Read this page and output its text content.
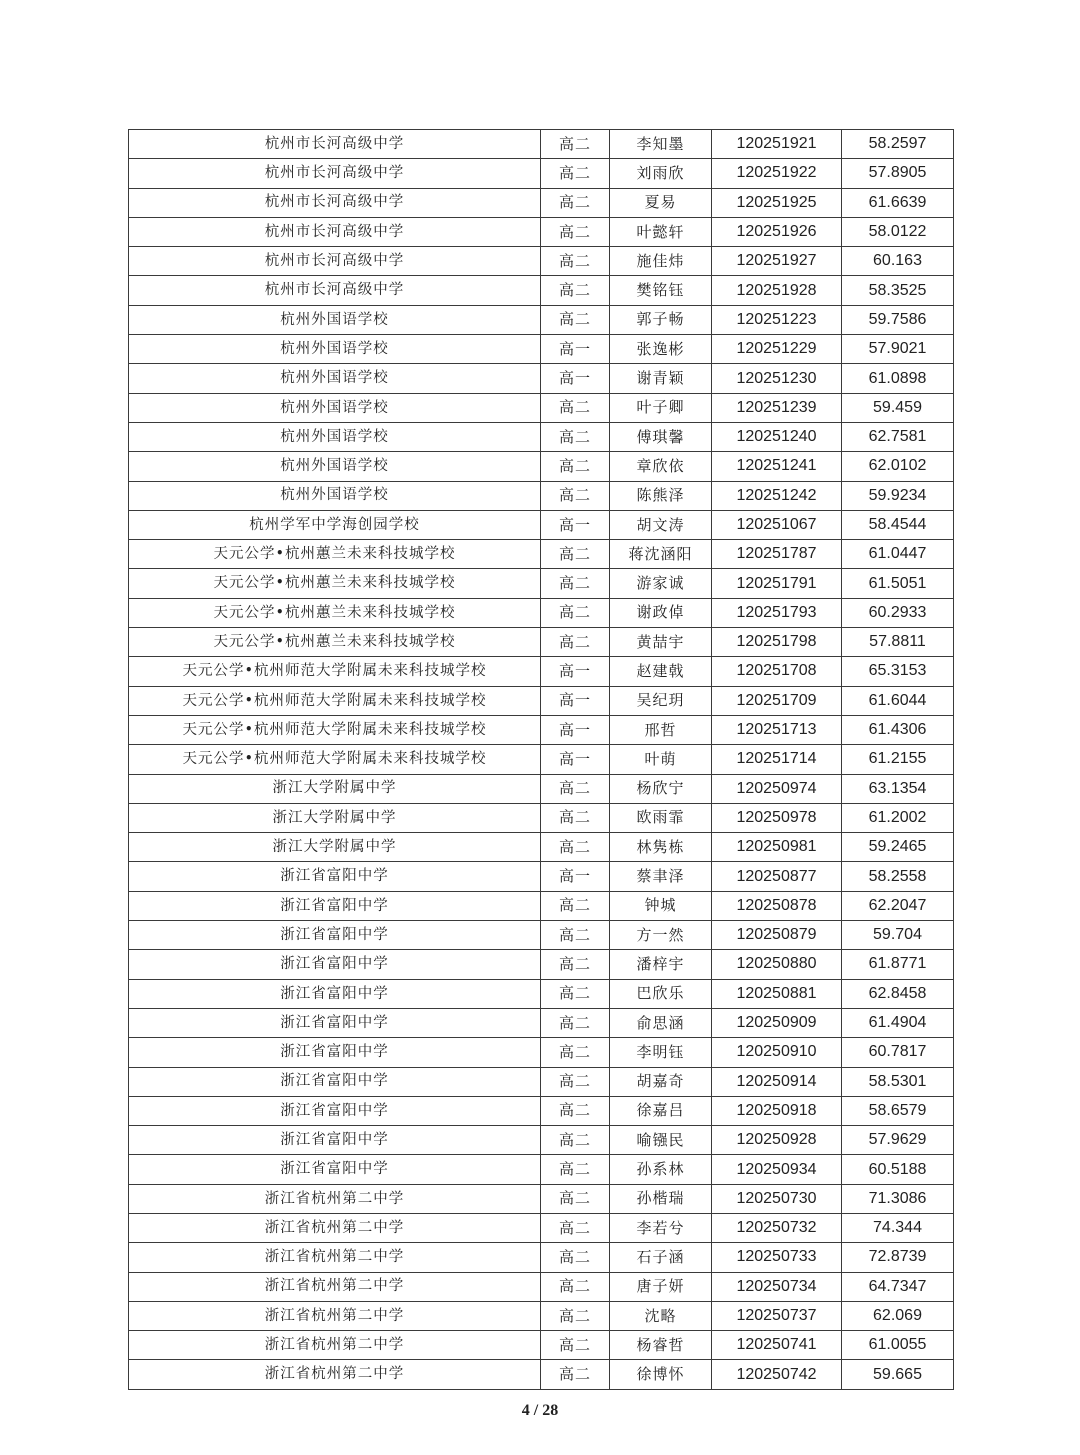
杭州市长河高级中学	高二	李知墨	120251921	58.2597
杭州市长河高级中学	高二	刘雨欣	120251922	57.8905
杭州市长河高级中学	高二	夏易	120251925	61.6639
杭州市长河高级中学	高二	叶懿轩	120251926	58.0122
杭州市长河高级中学	高二	施佳炜	120251927	60.163
杭州市长河高级中学	高二	樊铭钰	120251928	58.3525
杭州外国语学校	高二	郭子畅	120251223	59.7586
杭州外国语学校	高一	张逸彬	120251229	57.9021
杭州外国语学校	高一	谢青颖	120251230	61.0898
杭州外国语学校	高二	叶子卿	120251239	59.459
杭州外国语学校	高二	傅琪馨	120251240	62.7581
杭州外国语学校	高二	章欣依	120251241	62.0102
杭州外国语学校	高二	陈熊泽	120251242	59.9234
杭州学军中学海创园学校	高一	胡文涛	120251067	58.4544
天元公学•杭州蕙兰未来科技城学校	高二	蒋沈涵阳	120251787	61.0447
天元公学•杭州蕙兰未来科技城学校	高二	游家诚	120251791	61.5051
天元公学•杭州蕙兰未来科技城学校	高二	谢政倬	120251793	60.2933
天元公学•杭州蕙兰未来科技城学校	高二	黄喆宇	120251798	57.8811
天元公学•杭州师范大学附属未来科技城学校	高一	赵建戟	120251708	65.3153
天元公学•杭州师范大学附属未来科技城学校	高一	吴纪玥	120251709	61.6044
天元公学•杭州师范大学附属未来科技城学校	高一	邢哲	120251713	61.4306
天元公学•杭州师范大学附属未来科技城学校	高一	叶萌	120251714	61.2155
浙江大学附属中学	高二	杨欣宁	120250974	63.1354
浙江大学附属中学	高二	欧雨霏	120250978	61.2002
浙江大学附属中学	高二	林隽栋	120250981	59.2465
浙江省富阳中学	高一	蔡聿泽	120250877	58.2558
浙江省富阳中学	高二	钟城	120250878	62.2047
浙江省富阳中学	高二	方一然	120250879	59.704
浙江省富阳中学	高二	潘梓宇	120250880	61.8771
浙江省富阳中学	高二	巴欣乐	120250881	62.8458
浙江省富阳中学	高二	俞思涵	120250909	61.4904
浙江省富阳中学	高二	李明钰	120250910	60.7817
浙江省富阳中学	高二	胡嘉奇	120250914	58.5301
浙江省富阳中学	高二	徐嘉吕	120250918	58.6579
浙江省富阳中学	高二	喻镪民	120250928	57.9629
浙江省富阳中学	高二	孙系林	120250934	60.5188
浙江省杭州第二中学	高二	孙楷瑞	120250730	71.3086
浙江省杭州第二中学	高二	李若兮	120250732	74.344
浙江省杭州第二中学	高二	石子涵	120250733	72.8739
浙江省杭州第二中学	高二	唐子妍	120250734	64.7347
浙江省杭州第二中学	高二	沈略	120250737	62.069
浙江省杭州第二中学	高二	杨睿哲	120250741	61.0055
浙江省杭州第二中学	高二	徐博怀	120250742	59.665
4 / 28
